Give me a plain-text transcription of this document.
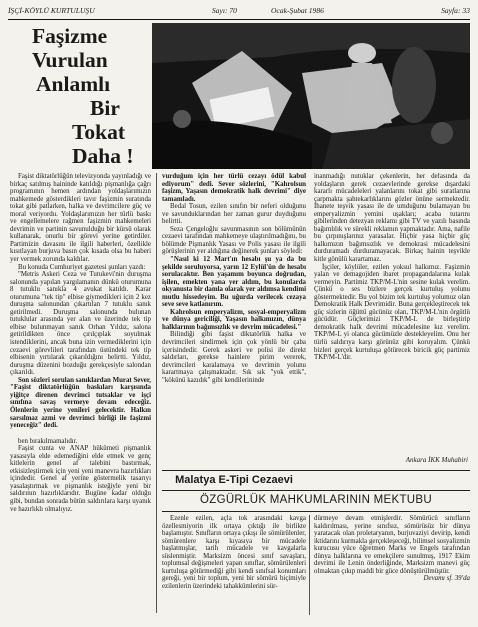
İŞÇİ-KÖYLÜ KURTULUŞU	Sayı: 70	Ocak-Şubat 1986	Sayfa: 33
Faşizme
Vurulan
Anlamlı
Bir
Tokat
Daha !

Faşist diktatörlüğün televizyonda yayınladığı ve birkaç satılmış haininde katıldığı pişmanlığa çağrı programının hemen ardından yoldaşlarımızın mahkemede gösterdikleri tavır faşizmin suratında tokat gibi patlarken, halka ve devrimcilere güç ve moral veriyordu. Yoldaşlarımızın her türlü baskı ve engellemelere rağmen faşizmin mahkemeleri devrimin ve partinin savunulduğu bir kürsü olarak kullanarak, onurlu bir görevi yerine getirdiler. Partimizin davasını ile ilgili haberleri, özellikle kısıtlayan burjuva basın çok kısada olsa bu haberi yer vermek zorunda kaldılar.

Bu konuda Cumhuriyet gazetesi şunları yazdı:

"Metris Askeri Ceza ve Tutukevi'nin duruşma salonunda yapılan yargılamanın dünkü oturumuna 8 tutuklu sanıkla 4 avukat katıldı. Karar oturumuna "tek tip" elbise giymedikleri için 2 kez duruşma salonundan çıkartılan 7 tutuklu sanık getirilmedi. Duruşma salonunda bulunan tutuklular arasında yer alan ve üzerinde tek tip elbise bulunmayan sanık Orhan Yıldız, salona getirildikten önce çırılçıplak soyulmak istendiklerini, ancak buna izin vermediklerini için cezaevi görevlileri tarafından üstündeki tek tip elbisenin yırtılarak çıkarıldığını belirtti. Yıldız, duruşma düzenini bozduğu gerekçesiyle salondan çıkarıldı.

Son sözleri sorulan sanıklardan Murat Sever, "Faşist diktatörlüğün baskıları karşısında yiğitçe direnen devrimci tutsaklar ve işçi sınıfına savaş vermeye devam edeceğiz. Ölenlerin yerine yenileri gelecektir. Halkın sarsılmaz azmi ve devrimci birliği ile faşizmi yeneceğiz" dedi.

ben bırakılmamalıdır.

Faşist cunta ve ANAP hükümeti pişmanlık yasasıyla elde edemediğini elde etmek ve genç kitlelerin genel af talebini bastırmak, etkisizleştirmek için yeni yeni manevra hazırlıkları içindedir. Genel af yerine göstermelik tasarıyı yasalaştırmak ve pişmanlık isteğiyle yeni bir saldırının hazırlıklarıdır. Bugüne kadar olduğu gibi, bundan sonrada bütün saldırılara karşı uyanık ve hazırlıklı olmalıyız.

vurduğum için her türlü cezayı ödül kabul ediyorum" dedi. Sever sözlerini, "Kahrolsun faşizm, Yaşasın demokratik halk devrimi" diye tamamladı.

Bedal Tosun, ezilen sınıfın bir neferi olduğunu ve savunduklarından her zaman gurur duyduğunu belirtti.

Seza Çengeloğlu savunmasının son bölümünün cezaevi tarafından mahkemeye ulaştırılmadığını, bu bölümde Pişmanlık Yasası ve Polis yasası ile ilgili görüşlerinin yer aldığına değinerek şunları söyledi:

"Nasıl ki 12 Mart'ın hesabı şu ya da bu şekilde soruluyorsa, yarın 12 Eylül'ün de hesabı sorulacaktır. Ben yaşamım boyunca doğrudan, işilen, emekten yana yer aldım, bu konularda okyanusta bir damla olarak yer aldımsa kendimi mutlu hissedeyim. Bu uğurda verilecek cezaya seve seve katlanırım.

Kahrolsun emperyalizm, sosyal-emperyalizm ve dünya gericiliği, Yaşasın halkımızın, dünya halklarının bağımsızlık ve devrim mücadelesi."

Bilindiği gibi faşist diktatörlük halka ve devrimcileri sindirmek için çok yönlü bir çaba içerisindedir. Gerek askeri ve polisi ile direkt saldırları, gerekse hainlere pirim vererek, devrimcileri karalamaya ve devrimin yolunu karartmaya çalışmaktadır. Sık sık "yok ettik", "kökünü kazıdık" gibi kendilerininde

inanmadığı nutuklar çekenlerin, her defasında da yoldaşların gerek cezaevlerinde gerekse dışardaki kararlı mücadeleleri yalanlarını tokat gibi suratlarına çarpmakta şahtekarlıklarını gözler önüne sermektedir. İhanete teşvik yasası ile de umduğunu bulamayan bu emperyalizmin yemini uşakları; acaba tutarını gibilerinden detezyan reklamı gibi TV ve yazılı basında bağımlılık ve sürekli reklamın yapmaktadır. Ama, nafile bu çırpınışlarınız yarasalar. Hiçbir yasa hiçbir güç halkımızın bağımsızlık ve demokrasi mücadelesini durduramadı durduramayacak. Birkaç hainin teşvikle kitle gönülü karartamaz.

İşçiler, köylüler, ezilen yoksul halkımız. Faşizmin yalan ve demagojiden ibaret propagandalarına kulak vermeyin. Partimiz TKP/M-L'nin sesine kulak verelim. Çünkü o ses bizlere gerçek kurtuluş yolunu göstermektedir. Bu yol bizim tek kurtuluş yolumuz olan Demokratik Halk Devrimidir. Buna gerçekleştirecek tek güç sizlerin öğüttü gücünüz olan, TKP/M-L'nin örgütlü gücüdür. Güçlerimizi TKP/M-L de birleştirip demokratik halk devrimi mücadelesine kız verelim. TKP/M-L yi olanca gücümüzle destekleyelim. Onu her türlü saldırıya karşı görünüz gibi koruyalım. Çünkü bizleri gerçek kurtuluşa götürecek biricik güç partimiz TKP/M-L'dir.

Ankara İKK Muhabiri
Malatya E-Tipi Cezaevi
ÖZGÜRLÜK MAHKUMLARININ MEKTUBU

Ezenle ezilen, açla tok arasındaki kavga özellesmiyorin ilk ortaya çıktığı ile birlikte başlamıştır. Sınıfların ortaya çıkışı ile sömürülenler, sömürenlere karşı kıyasıya bir mücadele başlatmışlar, tarih mücadele ve kavgalarla süslenmiştir. Marksizm öncesi sınıf savaşları, toplumsal değişmeleri yapan sınıflar, sömürülenleri kurtuluşa götürmediği gibi kendi sınıfsal konumları gereği, yeni bir toplum, yeni bir sömürü biçimiyle ezilenlerin üzerindeki tahakkümlerini sür-

dürmeye devam etmişlerdir. Sömürücü sınıfların kaldırılması, yerine sınıfsız, sömürüsüz bir dünya yaratacak olan proletaryanın, burjuvaziyi devirip, kendi iktidarını kurmakla gerçekleşeceği, bilimsel sosyalizmin kurucusu yüce öğretmen Marks ve Engels tarafından dünya halklarına ve emekçilere sunulmuş, 1917 Ekim devrimi ile Lenin önderliğinde, Marksizm manevi güç olmaktan çıkıp maddi bir güce dönüştürülmüştür.

Devamı sf. 39'da
